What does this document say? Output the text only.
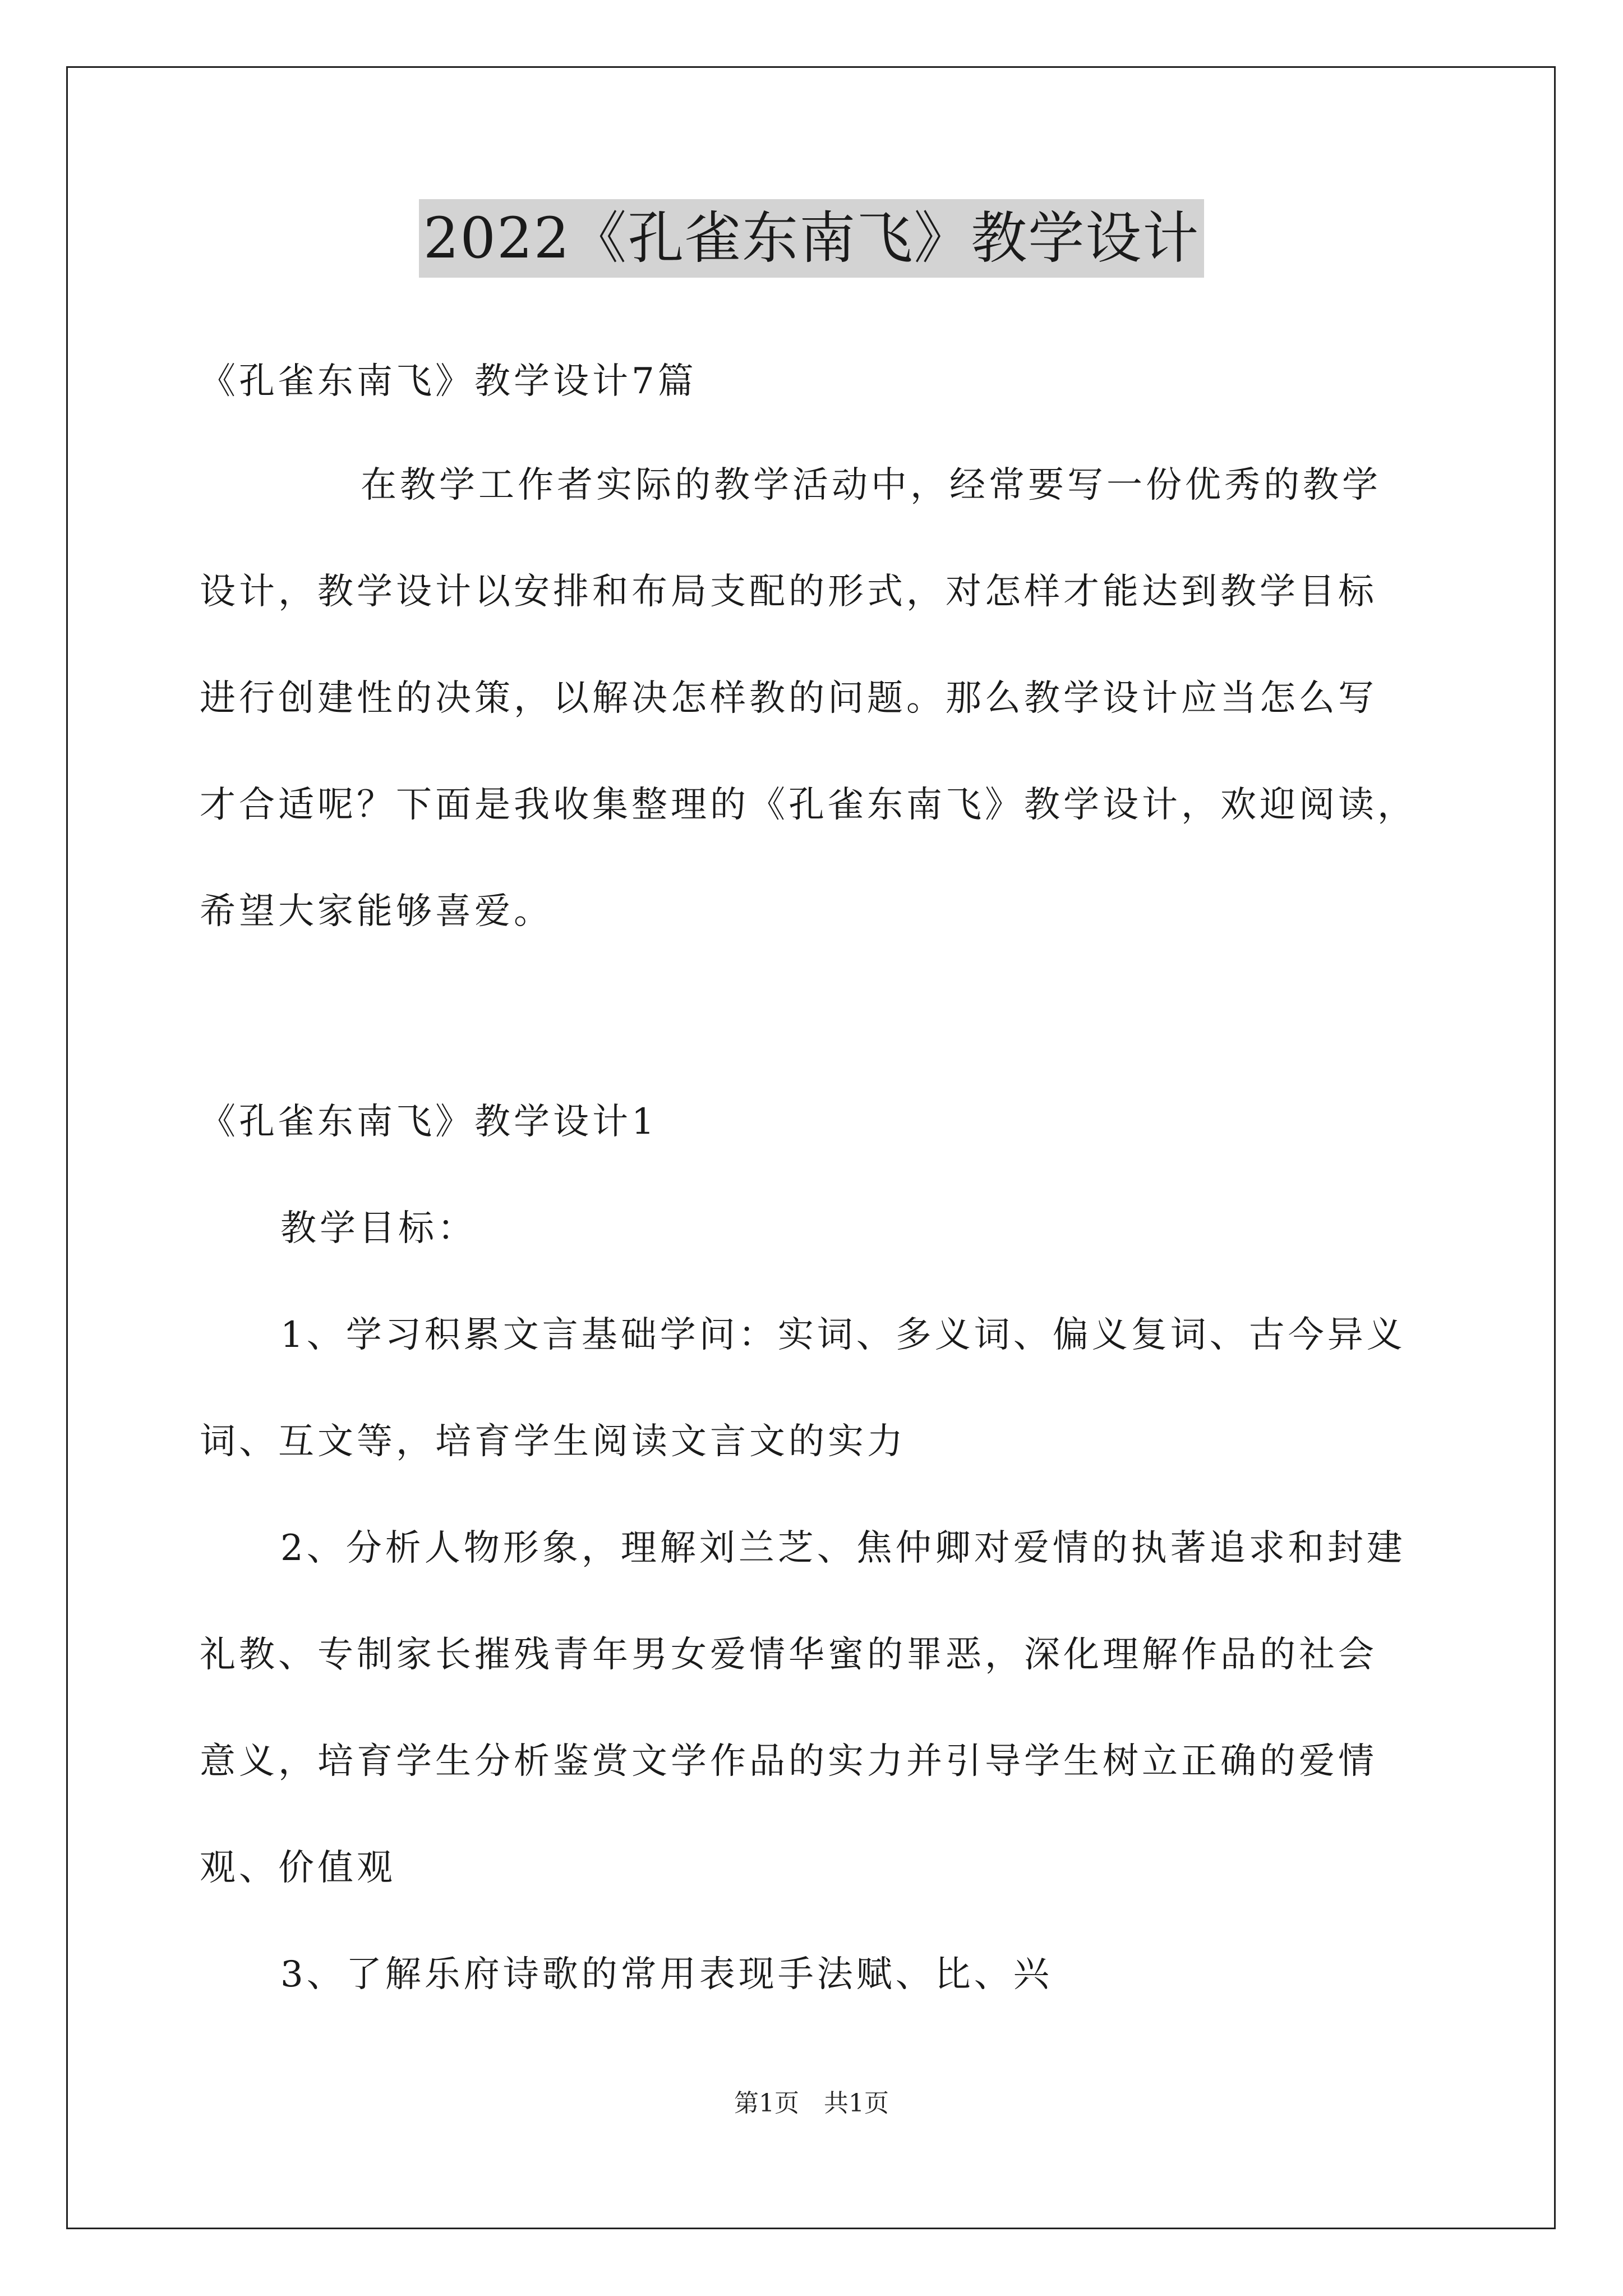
2022《孔雀东南飞》教学设计
《孔雀东南飞》教学设计7篇
在教学工作者实际的教学活动中，经常要写一份优秀的教学
设计，教学设计以安排和布局支配的形式，对怎样才能达到教学目标
进行创建性的决策，以解决怎样教的问题。那么教学设计应当怎么写
才合适呢？下面是我收集整理的《孔雀东南飞》教学设计，欢迎阅读，
希望大家能够喜爱。
《孔雀东南飞》教学设计1
教学目标：
1、学习积累文言基础学问：实词、多义词、偏义复词、古今异义
词、互文等，培育学生阅读文言文的实力
2、分析人物形象，理解刘兰芝、焦仲卿对爱情的执著追求和封建
礼教、专制家长摧残青年男女爱情华蜜的罪恶，深化理解作品的社会
意义，培育学生分析鉴赏文学作品的实力并引导学生树立正确的爱情
观、价值观
3、了解乐府诗歌的常用表现手法赋、比、兴
第1页　共1页
